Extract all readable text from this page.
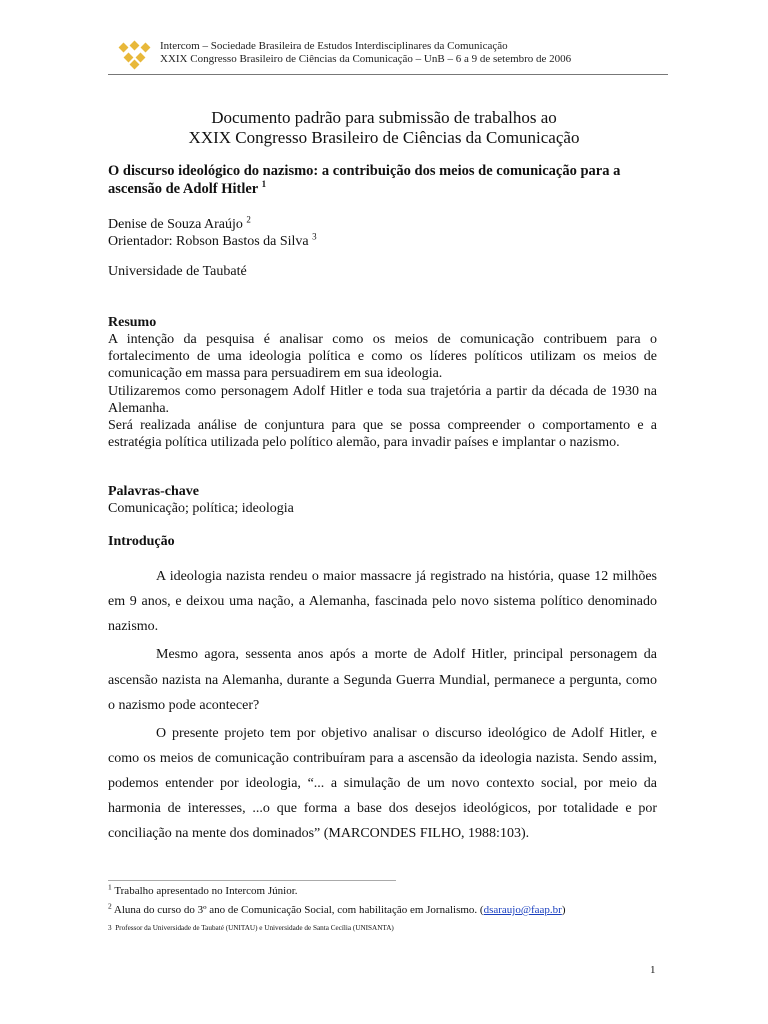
Intercom – Sociedade Brasileira de Estudos Interdisciplinares da Comunicação
XXIX Congresso Brasileiro de Ciências da Comunicação – UnB – 6 a 9 de setembro de 2006
Documento padrão para submissão de trabalhos ao
XXIX Congresso Brasileiro de Ciências da Comunicação
O discurso ideológico do nazismo: a contribuição dos meios de comunicação para a ascensão de Adolf Hitler $^1$
Denise de Souza Araújo $^2$
Orientador: Robson Bastos da Silva $^3$
Universidade de Taubaté
Resumo

A intenção da pesquisa é analisar como os meios de comunicação contribuem para o fortalecimento de uma ideologia política e como os líderes políticos utilizam os meios de comunicação em massa para persuadirem em sua ideologia.

Utilizaremos como personagem Adolf Hitler e toda sua trajetória a partir da década de 1930 na Alemanha.

Será realizada análise de conjuntura para que se possa compreender o comportamento e a estratégia política utilizada pelo político alemão, para invadir países e implantar o nazismo.

Palavras-chave
Comunicação; política; ideologia
Introdução

A ideologia nazista rendeu o maior massacre já registrado na história, quase 12 milhões em 9 anos, e deixou uma nação, a Alemanha, fascinada pelo novo sistema político denominado nazismo.

Mesmo agora, sessenta anos após a morte de Adolf Hitler, principal personagem da ascensão nazista na Alemanha, durante a Segunda Guerra Mundial, permanece a pergunta, como o nazismo pode acontecer?

O presente projeto tem por objetivo analisar o discurso ideológico de Adolf Hitler, e como os meios de comunicação contribuíram para a ascensão da ideologia nazista. Sendo assim, podemos entender por ideologia, “... a simulação de um novo contexto social, por meio da harmonia de interesses, ...o que forma a base dos desejos ideológicos, por totalidade e por conciliação na mente dos dominados” (MARCONDES FILHO, 1988:103).

$^1$ Trabalho apresentado no Intercom Júnior.
$^2$ Aluna do curso do 3º ano de Comunicação Social, com habilitação em Jornalismo. (dsaraujo@faap.br)
3 Professor da Universidade de Taubaté (UNITAU) e Universidade de Santa Cecília (UNISANTA)
1
